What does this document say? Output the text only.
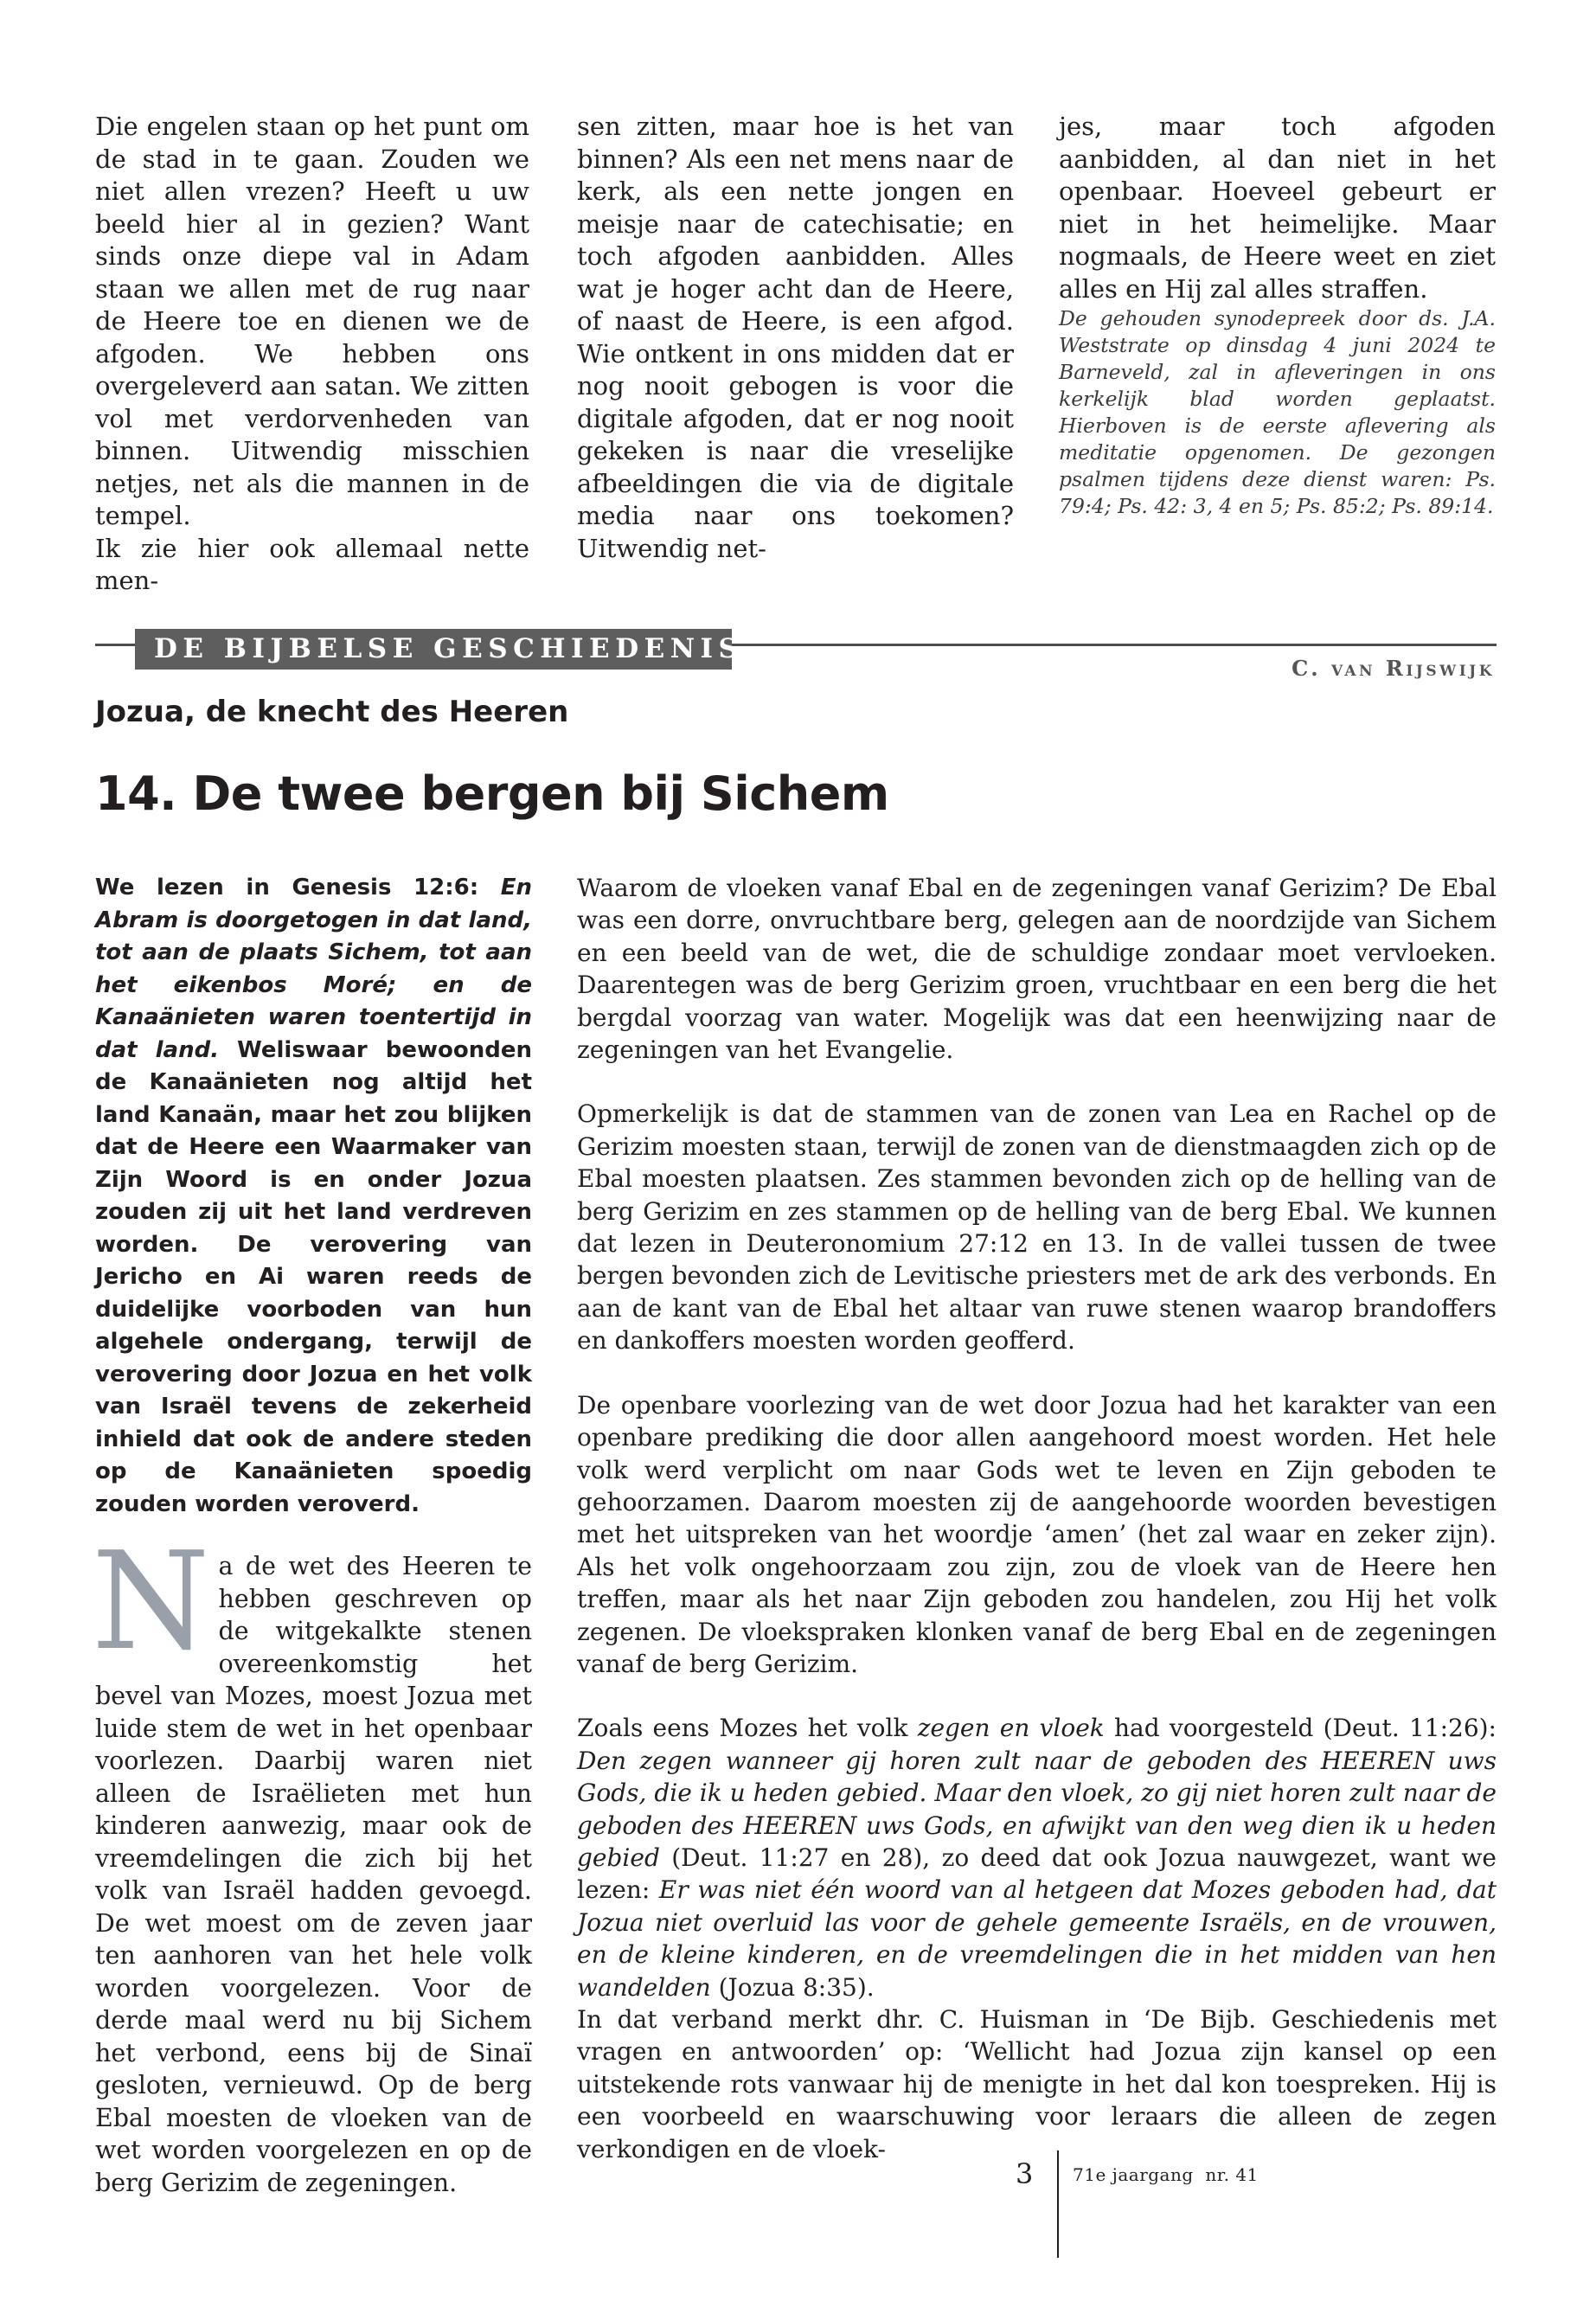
Die engelen staan op het punt om de stad in te gaan. Zouden we niet allen vrezen? Heeft u uw beeld hier al in gezien? Want sinds onze diepe val in Adam staan we allen met de rug naar de Heere toe en dienen we de afgoden. We hebben ons overgeleverd aan satan. We zitten vol met verdorvenheden van binnen. Uitwendig misschien netjes, net als die mannen in de tempel.

Ik zie hier ook allemaal nette men-

sen zitten, maar hoe is het van binnen? Als een net mens naar de kerk, als een nette jongen en meisje naar de catechisatie; en toch afgoden aanbidden. Alles wat je hoger acht dan de Heere, of naast de Heere, is een afgod. Wie ontkent in ons midden dat er nog nooit gebogen is voor die digitale afgoden, dat er nog nooit gekeken is naar die vreselijke afbeeldingen die via de digitale media naar ons toekomen? Uitwendig net-

jes, maar toch afgoden aanbidden, al dan niet in het openbaar. Hoeveel gebeurt er niet in het heimelijke. Maar nogmaals, de Heere weet en ziet alles en Hij zal alles straffen.

De gehouden synodepreek door ds. J.A. Weststrate op dinsdag 4 juni 2024 te Barneveld, zal in afleveringen in ons kerkelijk blad worden geplaatst. Hierboven is de eerste aflevering als meditatie opgenomen. De gezongen psalmen tijdens deze dienst waren: Ps. 79:4; Ps. 42: 3, 4 en 5; Ps. 85:2; Ps. 89:14.

DE BIJBELSE GESCHIEDENIS
C. van Rijswijk
Jozua, de knecht des Heeren
14. De twee bergen bij Sichem

We lezen in Genesis 12:6: En Abram is doorgetogen in dat land, tot aan de plaats Sichem, tot aan het eikenbos Moré; en de Kanaänieten waren toentertijd in dat land. Weliswaar bewoonden de Kanaänieten nog altijd het land Kanaän, maar het zou blijken dat de Heere een Waarmaker van Zijn Woord is en onder Jozua zouden zij uit het land verdreven worden. De verovering van Jericho en Ai waren reeds de duidelijke voorboden van hun algehele ondergang, terwijl de verovering door Jozua en het volk van Israël tevens de zekerheid inhield dat ook de andere steden op de Kanaänieten spoedig zouden worden veroverd.

Na de wet des Heeren te hebben geschreven op de witgekalkte stenen overeenkomstig het bevel van Mozes, moest Jozua met luide stem de wet in het openbaar voorlezen. Daarbij waren niet alleen de Israëlieten met hun kinderen aanwezig, maar ook de vreemdelingen die zich bij het volk van Israël hadden gevoegd. De wet moest om de zeven jaar ten aanhoren van het hele volk worden voorgelezen. Voor de derde maal werd nu bij Sichem het verbond, eens bij de Sinaï gesloten, vernieuwd. Op de berg Ebal moesten de vloeken van de wet worden voorgelezen en op de berg Gerizim de zegeningen.

Waarom de vloeken vanaf Ebal en de zegeningen vanaf Gerizim? De Ebal was een dorre, onvruchtbare berg, gelegen aan de noordzijde van Sichem en een beeld van de wet, die de schuldige zondaar moet vervloeken. Daarentegen was de berg Gerizim groen, vruchtbaar en een berg die het bergdal voorzag van water. Mogelijk was dat een heenwijzing naar de zegeningen van het Evangelie.

Opmerkelijk is dat de stammen van de zonen van Lea en Rachel op de Gerizim moesten staan, terwijl de zonen van de dienstmaagden zich op de Ebal moesten plaatsen. Zes stammen bevonden zich op de helling van de berg Gerizim en zes stammen op de helling van de berg Ebal. We kunnen dat lezen in Deuteronomium 27:12 en 13. In de vallei tussen de twee bergen bevonden zich de Levitische priesters met de ark des verbonds. En aan de kant van de Ebal het altaar van ruwe stenen waarop brandoffers en dankoffers moesten worden geofferd.

De openbare voorlezing van de wet door Jozua had het karakter van een openbare prediking die door allen aangehoord moest worden. Het hele volk werd verplicht om naar Gods wet te leven en Zijn geboden te gehoorzamen. Daarom moesten zij de aangehoorde woorden bevestigen met het uitspreken van het woordje ‘amen’ (het zal waar en zeker zijn). Als het volk ongehoorzaam zou zijn, zou de vloek van de Heere hen treffen, maar als het naar Zijn geboden zou handelen, zou Hij het volk zegenen. De vloekspraken klonken vanaf de berg Ebal en de zegeningen vanaf de berg Gerizim.

Zoals eens Mozes het volk zegen en vloek had voorgesteld (Deut. 11:26): Den zegen wanneer gij horen zult naar de geboden des HEEREN uws Gods, die ik u heden gebied. Maar den vloek, zo gij niet horen zult naar de geboden des HEEREN uws Gods, en afwijkt van den weg dien ik u heden gebied (Deut. 11:27 en 28), zo deed dat ook Jozua nauwgezet, want we lezen: Er was niet één woord van al hetgeen dat Mozes geboden had, dat Jozua niet overluid las voor de gehele gemeente Israëls, en de vrouwen, en de kleine kinderen, en de vreemdelingen die in het midden van hen wandelden (Jozua 8:35).

In dat verband merkt dhr. C. Huisman in ‘De Bijb. Geschiedenis met vragen en antwoorden’ op: ‘Wellicht had Jozua zijn kansel op een uitstekende rots vanwaar hij de menigte in het dal kon toespreken. Hij is een voorbeeld en waarschuwing voor leraars die alleen de zegen verkondigen en de vloek-

3 71e jaargang  nr. 41
